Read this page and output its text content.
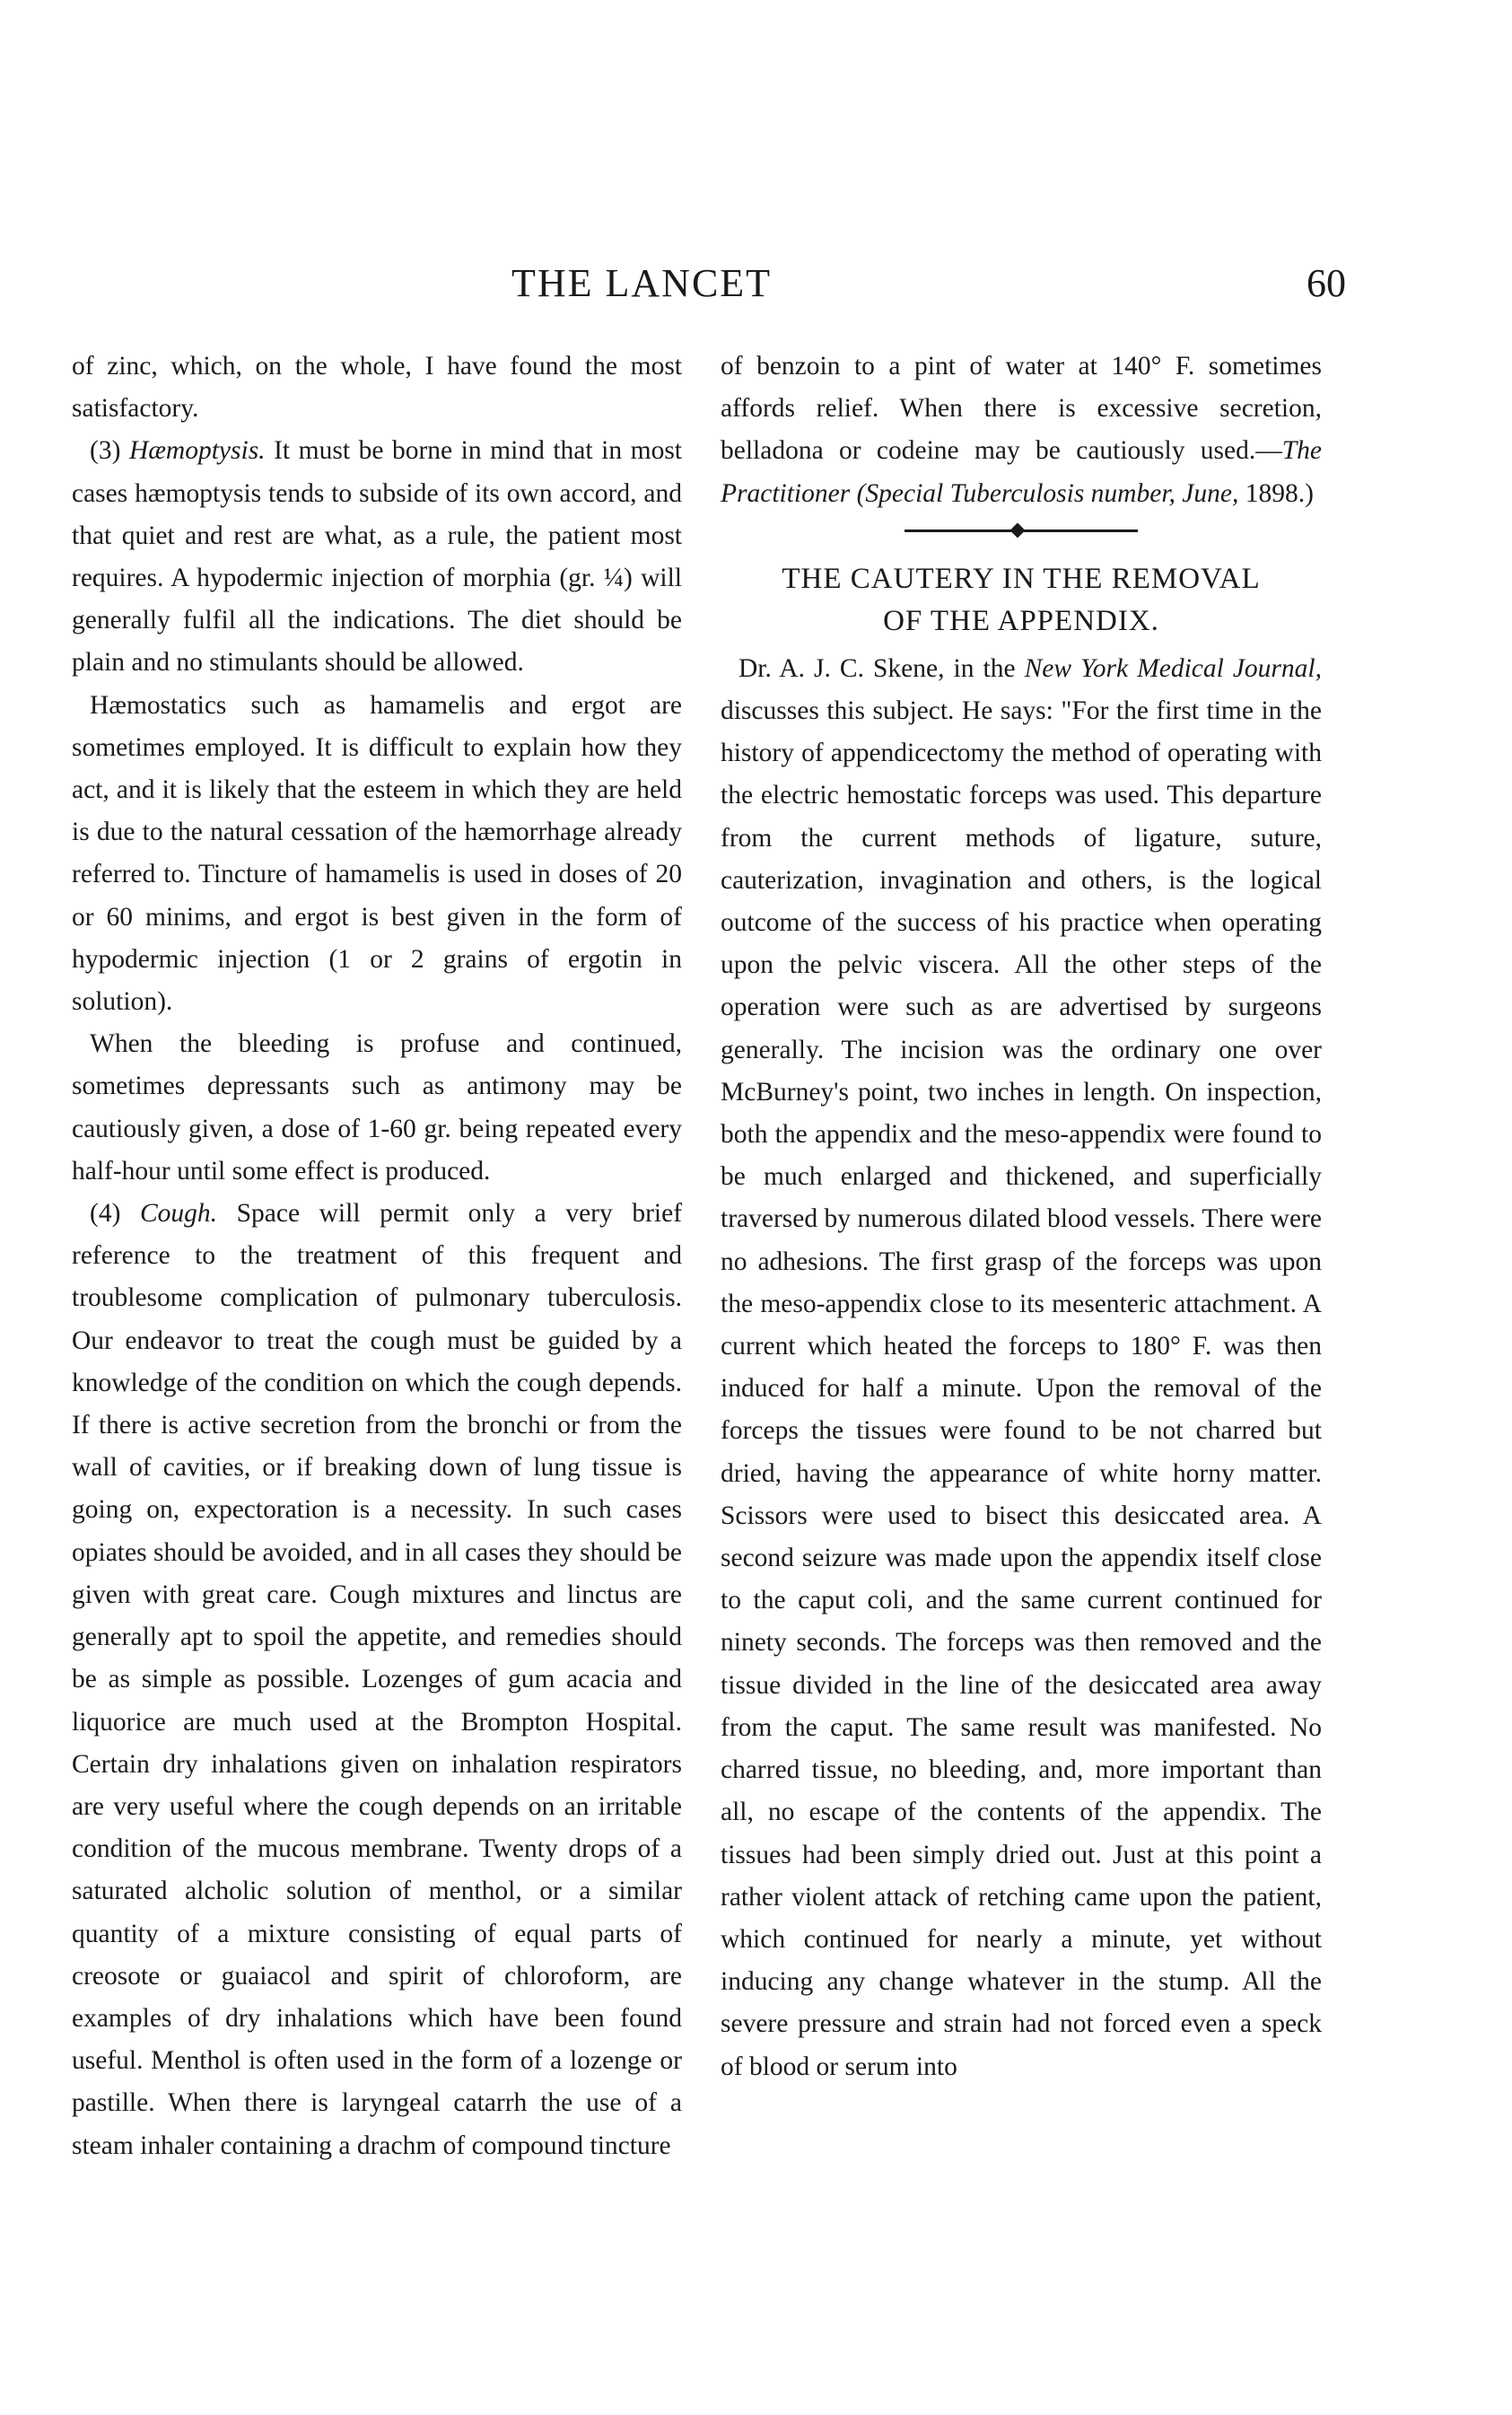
THE LANCET	60

of zinc, which, on the whole, I have found the most satisfactory.

(3) Hæmoptysis. It must be borne in mind that in most cases hæmoptysis tends to subside of its own accord, and that quiet and rest are what, as a rule, the patient most requires. A hypodermic injection of morphia (gr. ¼) will generally fulfil all the indications. The diet should be plain and no stimulants should be allowed.

Hæmostatics such as hamamelis and ergot are sometimes employed. It is difficult to explain how they act, and it is likely that the esteem in which they are held is due to the natural cessation of the hæmorrhage already referred to. Tincture of hamamelis is used in doses of 20 or 60 minims, and ergot is best given in the form of hypodermic injection (1 or 2 grains of ergotin in solution).

When the bleeding is profuse and continued, sometimes depressants such as antimony may be cautiously given, a dose of 1-60 gr. being repeated every half-hour until some effect is produced.

(4) Cough. Space will permit only a very brief reference to the treatment of this frequent and troublesome complication of pulmonary tuberculosis. Our endeavor to treat the cough must be guided by a knowledge of the condition on which the cough depends. If there is active secretion from the bronchi or from the wall of cavities, or if breaking down of lung tissue is going on, expectoration is a necessity. In such cases opiates should be avoided, and in all cases they should be given with great care. Cough mixtures and linctus are generally apt to spoil the appetite, and remedies should be as simple as possible. Lozenges of gum acacia and liquorice are much used at the Brompton Hospital. Certain dry inhalations given on inhalation respirators are very useful where the cough depends on an irritable condition of the mucous membrane. Twenty drops of a saturated alcholic solution of menthol, or a similar quantity of a mixture consisting of equal parts of creosote or guaiacol and spirit of chloroform, are examples of dry inhalations which have been found useful. Menthol is often used in the form of a lozenge or pastille. When there is laryngeal catarrh the use of a steam inhaler containing a drachm of compound tincture

of benzoin to a pint of water at 140° F. sometimes affords relief. When there is excessive secretion, belladona or codeine may be cautiously used.—The Practitioner (Special Tuberculosis number, June, 1898.)

THE CAUTERY IN THE REMOVAL
OF THE APPENDIX.

Dr. A. J. C. Skene, in the New York Medical Journal, discusses this subject. He says: "For the first time in the history of appendicectomy the method of operating with the electric hemostatic forceps was used. This departure from the current methods of ligature, suture, cauterization, invagination and others, is the logical outcome of the success of his practice when operating upon the pelvic viscera. All the other steps of the operation were such as are advertised by surgeons generally. The incision was the ordinary one over McBurney's point, two inches in length. On inspection, both the appendix and the meso-appendix were found to be much enlarged and thickened, and superficially traversed by numerous dilated blood vessels. There were no adhesions. The first grasp of the forceps was upon the meso-appendix close to its mesenteric attachment. A current which heated the forceps to 180° F. was then induced for half a minute. Upon the removal of the forceps the tissues were found to be not charred but dried, having the appearance of white horny matter. Scissors were used to bisect this desiccated area. A second seizure was made upon the appendix itself close to the caput coli, and the same current continued for ninety seconds. The forceps was then removed and the tissue divided in the line of the desiccated area away from the caput. The same result was manifested. No charred tissue, no bleeding, and, more important than all, no escape of the contents of the appendix. The tissues had been simply dried out. Just at this point a rather violent attack of retching came upon the patient, which continued for nearly a minute, yet without inducing any change whatever in the stump. All the severe pressure and strain had not forced even a speck of blood or serum into
